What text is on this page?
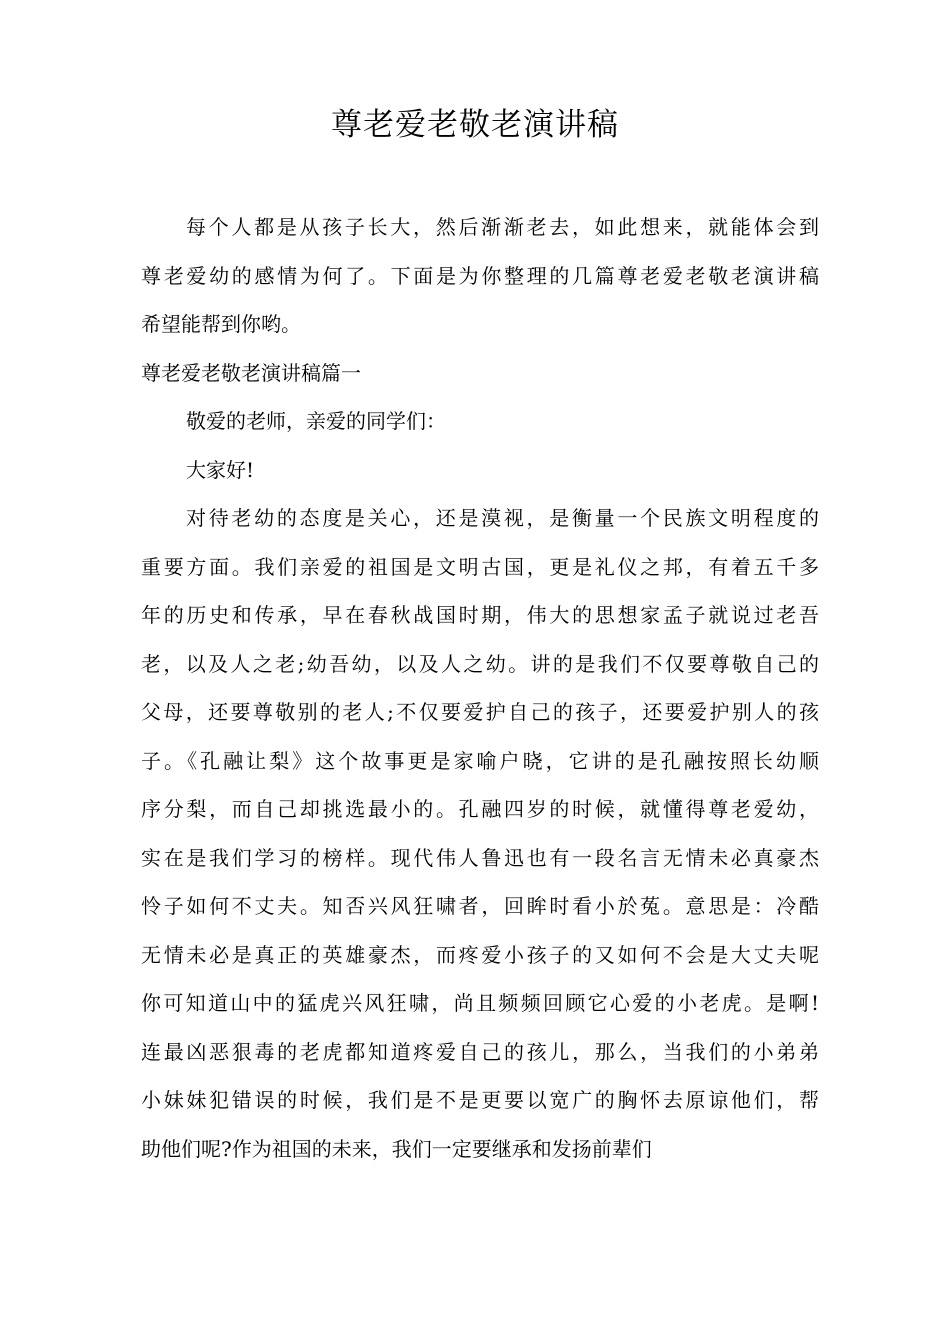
尊老爱老敬老演讲稿
每个人都是从孩子长大，然后渐渐老去，如此想来，就能体会到
尊老爱幼的感情为何了。下面是为你整理的几篇尊老爱老敬老演讲稿
希望能帮到你哟。
尊老爱老敬老演讲稿篇一
敬爱的老师，亲爱的同学们：
大家好!
对待老幼的态度是关心，还是漠视，是衡量一个民族文明程度的
重要方面。我们亲爱的祖国是文明古国，更是礼仪之邦，有着五千多
年的历史和传承，早在春秋战国时期，伟大的思想家孟子就说过老吾
老，以及人之老;幼吾幼，以及人之幼。讲的是我们不仅要尊敬自己的
父母，还要尊敬别的老人;不仅要爱护自己的孩子，还要爱护别人的孩
子。《孔融让梨》这个故事更是家喻户晓，它讲的是孔融按照长幼顺
序分梨，而自己却挑选最小的。孔融四岁的时候，就懂得尊老爱幼，
实在是我们学习的榜样。现代伟人鲁迅也有一段名言无情未必真豪杰
怜子如何不丈夫。知否兴风狂啸者，回眸时看小於菟。意思是：冷酷
无情未必是真正的英雄豪杰，而疼爱小孩子的又如何不会是大丈夫呢
你可知道山中的猛虎兴风狂啸，尚且频频回顾它心爱的小老虎。是啊!
连最凶恶狠毒的老虎都知道疼爱自己的孩儿，那么，当我们的小弟弟
小妹妹犯错误的时候，我们是不是更要以宽广的胸怀去原谅他们，帮
助他们呢?作为祖国的未来，我们一定要继承和发扬前辈们
